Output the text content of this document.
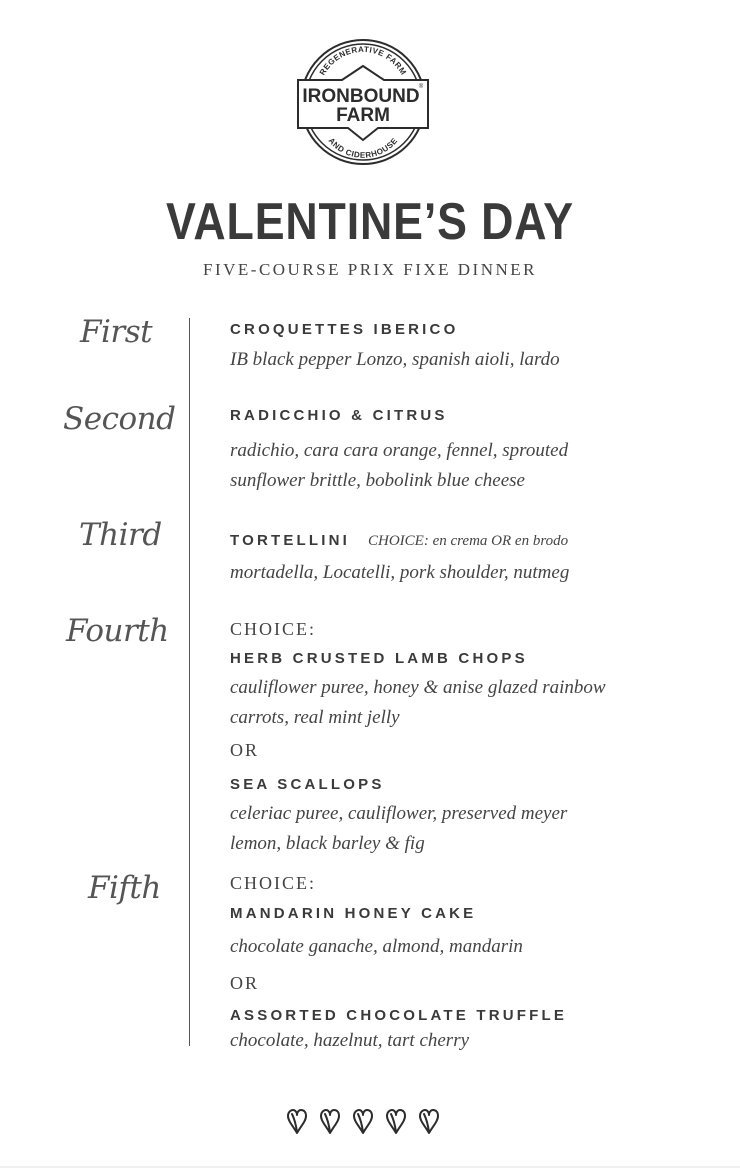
REGENERATIVE FARM
IRONBOUND
FARM
®
AND CIDERHOUSE
VALENTINE’S DAY
FIVE-COURSE PRIX FIXE DINNER
First	CROQUETTES IBERICO
IB black pepper Lonzo, spanish aioli, lardo
Second	RADICCHIO & CITRUS
radichio, cara cara orange, fennel, sprouted sunflower brittle, bobolink blue cheese
Third	TORTELLINI CHOICE: en crema OR en brodo
mortadella, Locatelli, pork shoulder, nutmeg
Fourth	CHOICE:
HERB CRUSTED LAMB CHOPS
cauliflower puree, honey & anise glazed rainbow carrots, real mint jelly
OR
SEA SCALLOPS
celeriac puree, cauliflower, preserved meyer lemon, black barley & fig
Fifth	CHOICE:
MANDARIN HONEY CAKE
chocolate ganache, almond, mandarin
OR
ASSORTED CHOCOLATE TRUFFLE
chocolate, hazelnut, tart cherry
